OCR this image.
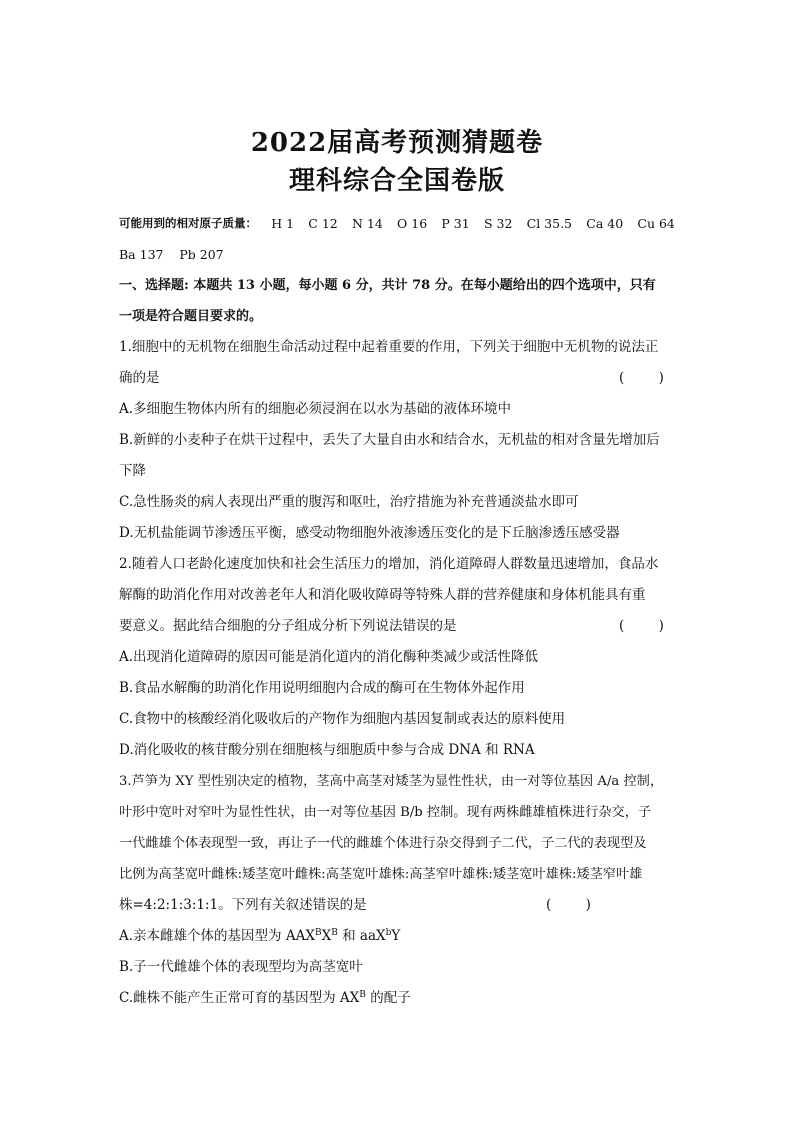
2022届高考预测猜题卷
理科综合全国卷版
可能用到的相对原子质量： H 1 C 12 N 14 O 16 P 31 S 32 Cl 35.5 Ca 40 Cu 64

Ba 137    Pb 207

一、选择题: 本题共 13 小题，每小题 6 分，共计 78 分。在每小题给出的四个选项中，只有

一项是符合题目要求的。

1.细胞中的无机物在细胞生命活动过程中起着重要的作用，下列关于细胞中无机物的说法正

确的是	(        )

A.多细胞生物体内所有的细胞必须浸润在以水为基础的液体环境中

B.新鲜的小麦种子在烘干过程中，丢失了大量自由水和结合水，无机盐的相对含量先增加后

下降

C.急性肠炎的病人表现出严重的腹泻和呕吐，治疗措施为补充普通淡盐水即可

D.无机盐能调节渗透压平衡，感受动物细胞外液渗透压变化的是下丘脑渗透压感受器

2.随着人口老龄化速度加快和社会生活压力的增加，消化道障碍人群数量迅速增加，食品水

解酶的助消化作用对改善老年人和消化吸收障碍等特殊人群的营养健康和身体机能具有重

要意义。据此结合细胞的分子组成分析下列说法错误的是	(        )

A.出现消化道障碍的原因可能是消化道内的消化酶种类减少或活性降低

B.食品水解酶的助消化作用说明细胞内合成的酶可在生物体外起作用

C.食物中的核酸经消化吸收后的产物作为细胞内基因复制或表达的原料使用

D.消化吸收的核苷酸分别在细胞核与细胞质中参与合成 DNA 和 RNA

3.芦笋为 XY 型性别决定的植物，茎高中高茎对矮茎为显性性状，由一对等位基因 A/a 控制，

叶形中宽叶对窄叶为显性性状，由一对等位基因 B/b 控制。现有两株雌雄植株进行杂交，子

一代雌雄个体表现型一致，再让子一代的雌雄个体进行杂交得到子二代，子二代的表现型及

比例为高茎宽叶雌株:矮茎宽叶雌株:高茎宽叶雄株:高茎窄叶雄株:矮茎宽叶雄株:矮茎窄叶雄

株=4:2:1:3:1:1。下列有关叙述错误的是	(        )

A.亲本雌雄个体的基因型为 $AAX^BX^B$ 和 aaX$^b$Y

B.子一代雌雄个体的表现型均为高茎宽叶

C.雌株不能产生正常可育的基因型为 $AX^B$ 的配子
